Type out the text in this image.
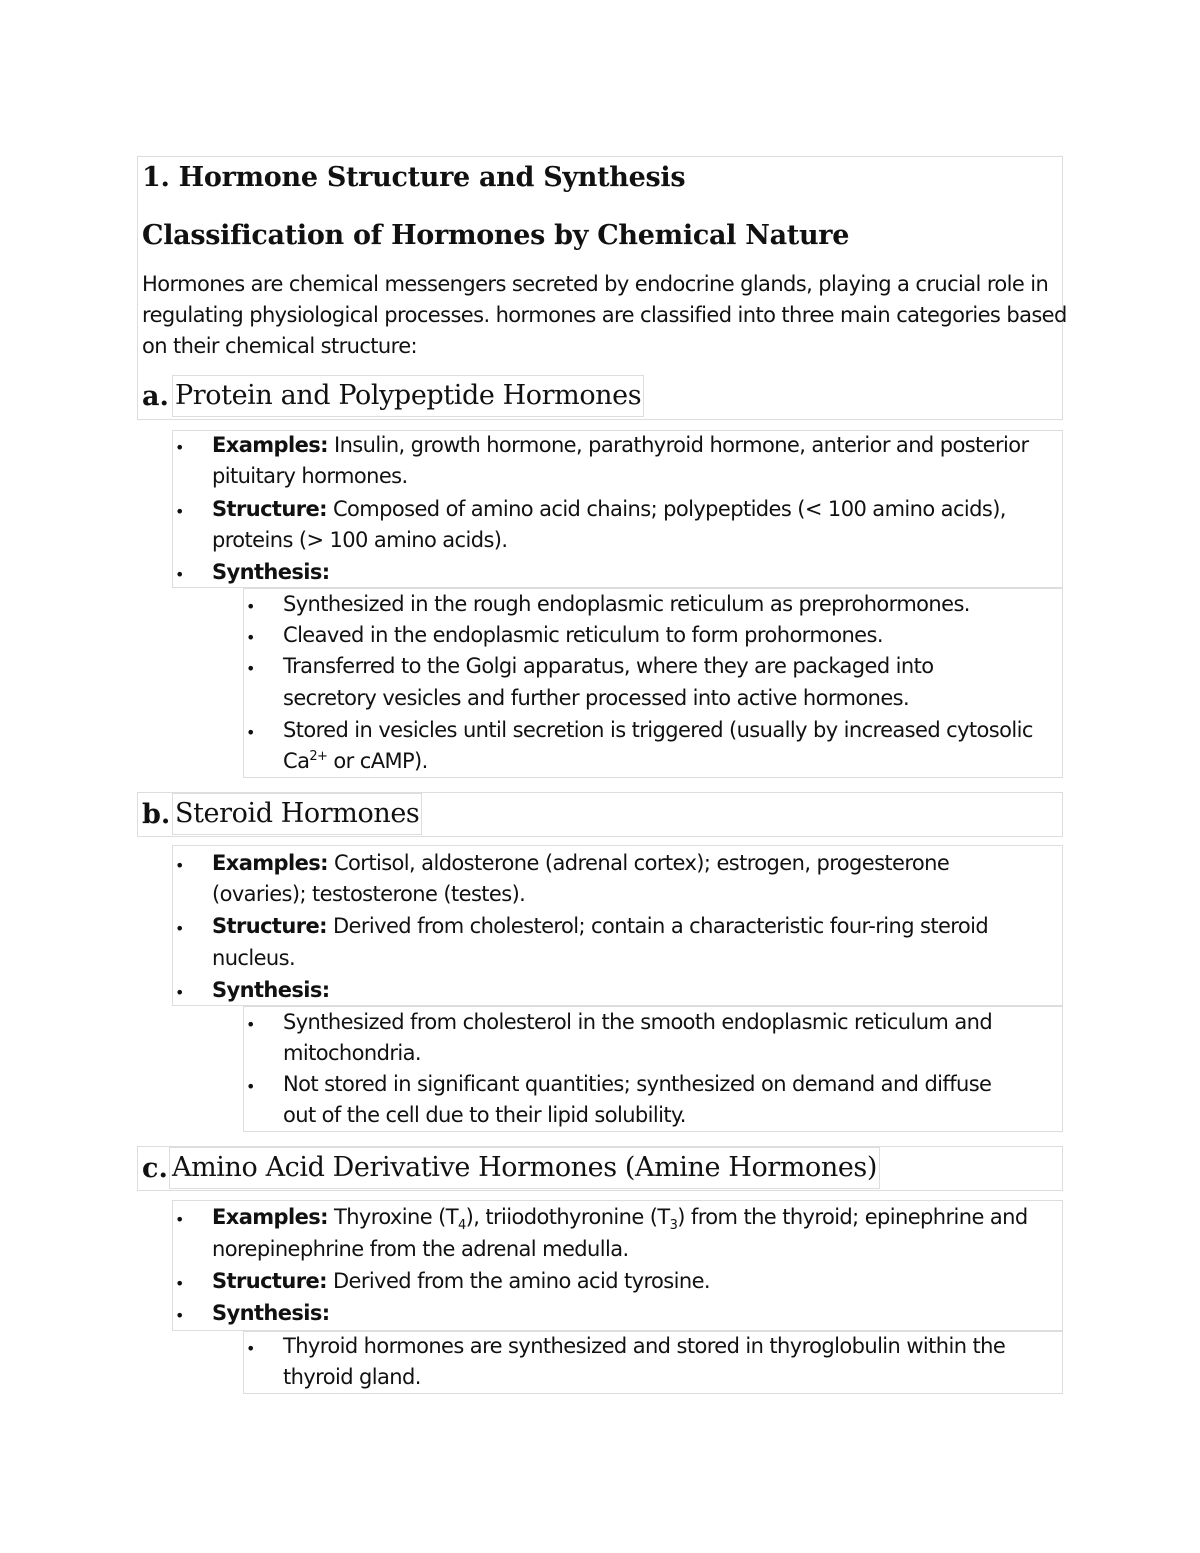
1. Hormone Structure and Synthesis
Classification of Hormones by Chemical Nature
Hormones are chemical messengers secreted by endocrine glands, playing a crucial role in regulating physiological processes. hormones are classified into three main categories based on their chemical structure:
a. Protein and Polypeptide Hormones
• Examples: Insulin, growth hormone, parathyroid hormone, anterior and posterior
pituitary hormones.
• Structure: Composed of amino acid chains; polypeptides (< 100 amino acids),
proteins (> 100 amino acids).
• Synthesis:
• Synthesized in the rough endoplasmic reticulum as preprohormones.
• Cleaved in the endoplasmic reticulum to form prohormones.
• Transferred to the Golgi apparatus, where they are packaged into
secretory vesicles and further processed into active hormones.
• Stored in vesicles until secretion is triggered (usually by increased cytosolic
$Ca^{2+}$ or cAMP).
b. Steroid Hormones
• Examples: Cortisol, aldosterone (adrenal cortex); estrogen, progesterone
(ovaries); testosterone (testes).
• Structure: Derived from cholesterol; contain a characteristic four-ring steroid
nucleus.
• Synthesis:
• Synthesized from cholesterol in the smooth endoplasmic reticulum and
mitochondria.
• Not stored in significant quantities; synthesized on demand and diffuse
out of the cell due to their lipid solubility.
c. Amino Acid Derivative Hormones (Amine Hormones)
• Examples: Thyroxine $(T_4)$, triiodothyronine $(T_3)$ from the thyroid; epinephrine and
norepinephrine from the adrenal medulla.
• Structure: Derived from the amino acid tyrosine.
• Synthesis:
• Thyroid hormones are synthesized and stored in thyroglobulin within the
thyroid gland.
